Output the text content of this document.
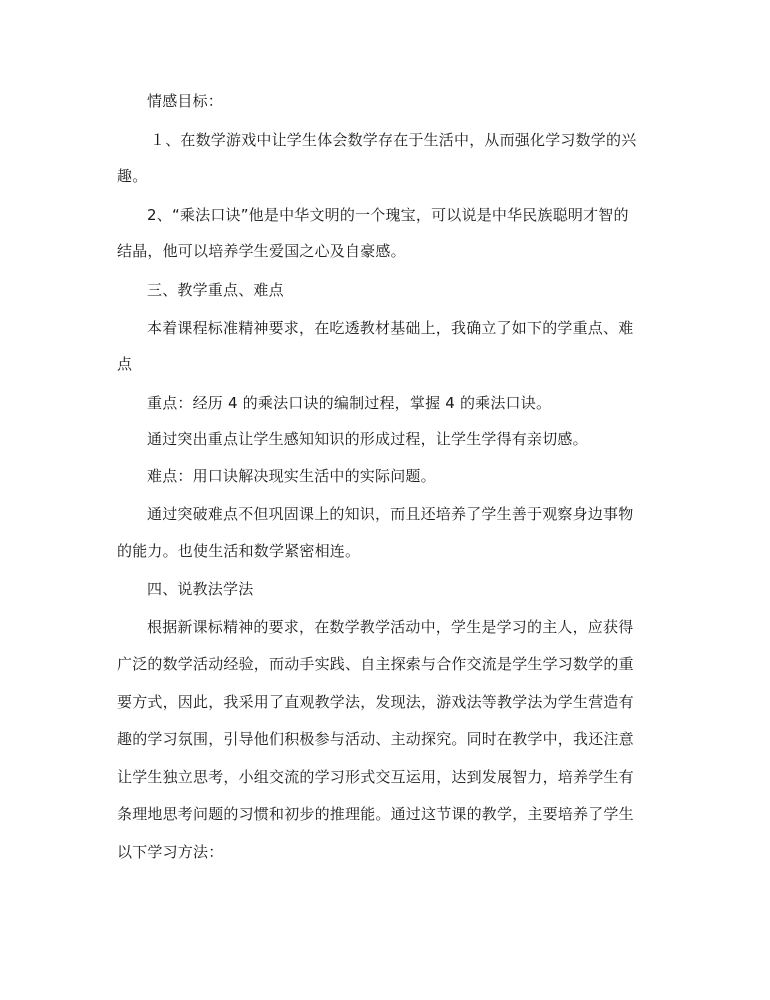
情感目标：
１、在数学游戏中让学生体会数学存在于生活中，从而强化学习数学的兴
趣。
2、“乘法口诀”他是中华文明的一个瑰宝，可以说是中华民族聪明才智的
结晶，他可以培养学生爱国之心及自豪感。
三、教学重点、难点
本着课程标准精神要求，在吃透教材基础上，我确立了如下的学重点、难
点
重点：经历 4 的乘法口诀的编制过程，掌握 4 的乘法口诀。
通过突出重点让学生感知知识的形成过程，让学生学得有亲切感。
难点：用口诀解决现实生活中的实际问题。
通过突破难点不但巩固课上的知识，而且还培养了学生善于观察身边事物
的能力。也使生活和数学紧密相连。
四、说教法学法
根据新课标精神的要求，在数学教学活动中，学生是学习的主人，应获得
广泛的数学活动经验，而动手实践、自主探索与合作交流是学生学习数学的重
要方式，因此，我采用了直观教学法，发现法，游戏法等教学法为学生营造有
趣的学习氛围，引导他们积极参与活动、主动探究。同时在教学中，我还注意
让学生独立思考，小组交流的学习形式交互运用，达到发展智力，培养学生有
条理地思考问题的习惯和初步的推理能。通过这节课的教学，主要培养了学生
以下学习方法：
